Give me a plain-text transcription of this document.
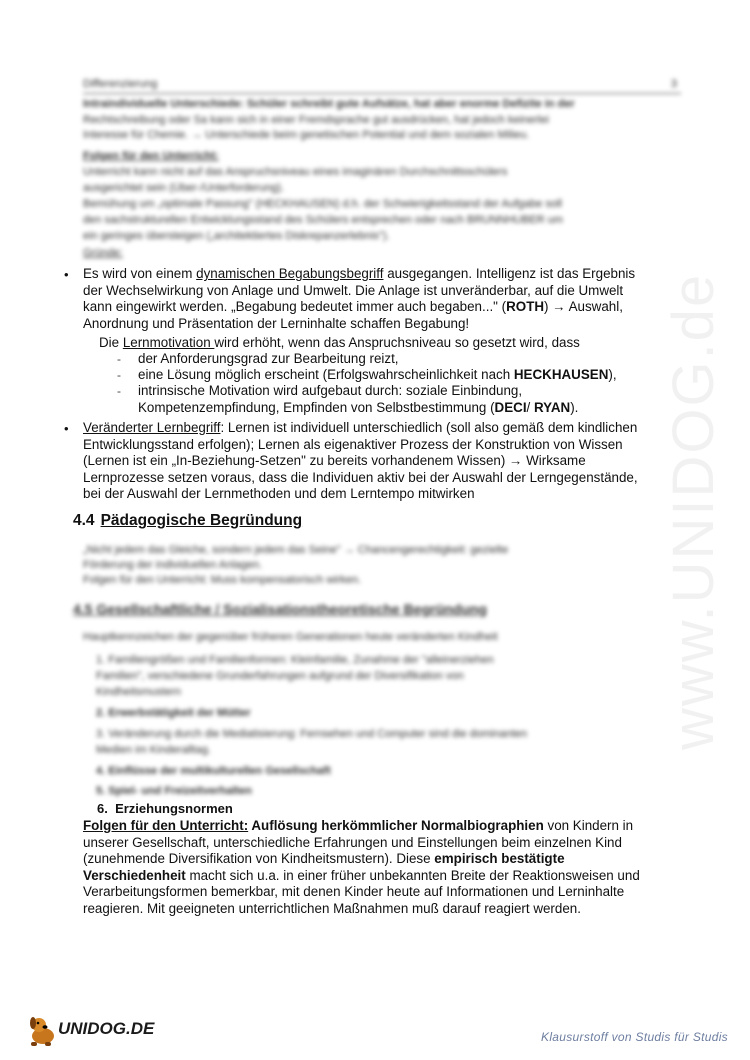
www.UNIDOG.de
Differenzierung	3
Intraindividuelle Unterschiede: Schüler schreibt gute Aufsätze, hat aber enorme Defizite in der
Rechtschreibung oder Sa kann sich in einer Fremdsprache gut ausdrücken, hat jedoch keinerlei
Interesse für Chemie. → Unterschiede beim genetischen Potential und dem sozialen Milieu.
Folgen für den Unterricht:
Unterricht kann nicht auf das Anspruchsniveau eines imaginären Durchschnittsschülers
ausgerichtet sein (Über-/Unterforderung).
Bemühung um „optimale Passung" (HECKHAUSEN) d.h. der Schwierigkeitsstand der Aufgabe soll
den sachstrukturellen Entwicklungsstand des Schülers entsprechen oder nach BRUNNHUBER um
ein geringes übersteigen („architektiertes Diskrepanzerlebnis").
Gründe:
• Es wird von einem dynamischen Begabungsbegriff ausgegangen. Intelligenz ist das Ergebnis
der Wechselwirkung von Anlage und Umwelt. Die Anlage ist unveränderbar, auf die Umwelt
kann eingewirkt werden. „Begabung bedeutet immer auch begaben..." (ROTH) → Auswahl,
Anordnung und Präsentation der Lerninhalte schaffen Begabung!
Die Lernmotivation wird erhöht, wenn das Anspruchsniveau so gesetzt wird, dass
- der Anforderungsgrad zur Bearbeitung reizt,
- eine Lösung möglich erscheint (Erfolgswahrscheinlichkeit nach HECKHAUSEN),
- intrinsische Motivation wird aufgebaut durch: soziale Einbindung,
Kompetenzempfindung, Empfinden von Selbstbestimmung (DECI/ RYAN).
• Veränderter Lernbegriff: Lernen ist individuell unterschiedlich (soll also gemäß dem kindlichen
Entwicklungsstand erfolgen); Lernen als eigenaktiver Prozess der Konstruktion von Wissen
(Lernen ist ein „In-Beziehung-Setzen" zu bereits vorhandenem Wissen) → Wirksame
Lernprozesse setzen voraus, dass die Individuen aktiv bei der Auswahl der Lerngegenstände,
bei der Auswahl der Lernmethoden und dem Lerntempo mitwirken
4.4 Pädagogische Begründung
„Nicht jedem das Gleiche, sondern jedem das Seine" → Chancengerechtigkeit: gezielte
Förderung der individuellen Anlagen.
Folgen für den Unterricht: Muss kompensatorisch wirken.
4.5 Gesellschaftliche / Sozialisationstheoretische Begründung
Hauptkennzeichen der gegenüber früheren Generationen heute veränderten Kindheit
1. Familiengrößen und Familienformen: Kleinfamilie, Zunahme der "alleinerziehen
Familien", verschiedene Grunderfahrungen aufgrund der Diversifikation von
Kindheitsmustern
2. Erwerbstätigkeit der Mütter
3. Veränderung durch die Mediatisierung: Fernsehen und Computer sind die dominanten
Medien im Kinderalltag.
4. Einflüsse der multikulturellen Gesellschaft
5. Spiel- und Freizeitverhalten
6. Erziehungsnormen
Folgen für den Unterricht: Auflösung herkömmlicher Normalbiographien von Kindern in
unserer Gesellschaft, unterschiedliche Erfahrungen und Einstellungen beim einzelnen Kind
(zunehmende Diversifikation von Kindheitsmustern). Diese empirisch bestätigte
Verschiedenheit macht sich u.a. in einer früher unbekannten Breite der Reaktionsweisen und
Verarbeitungsformen bemerkbar, mit denen Kinder heute auf Informationen und Lerninhalte
reagieren. Mit geeigneten unterrichtlichen Maßnahmen muß darauf reagiert werden.
UNIDOG.DE	Klausurstoff von Studis für Studis
